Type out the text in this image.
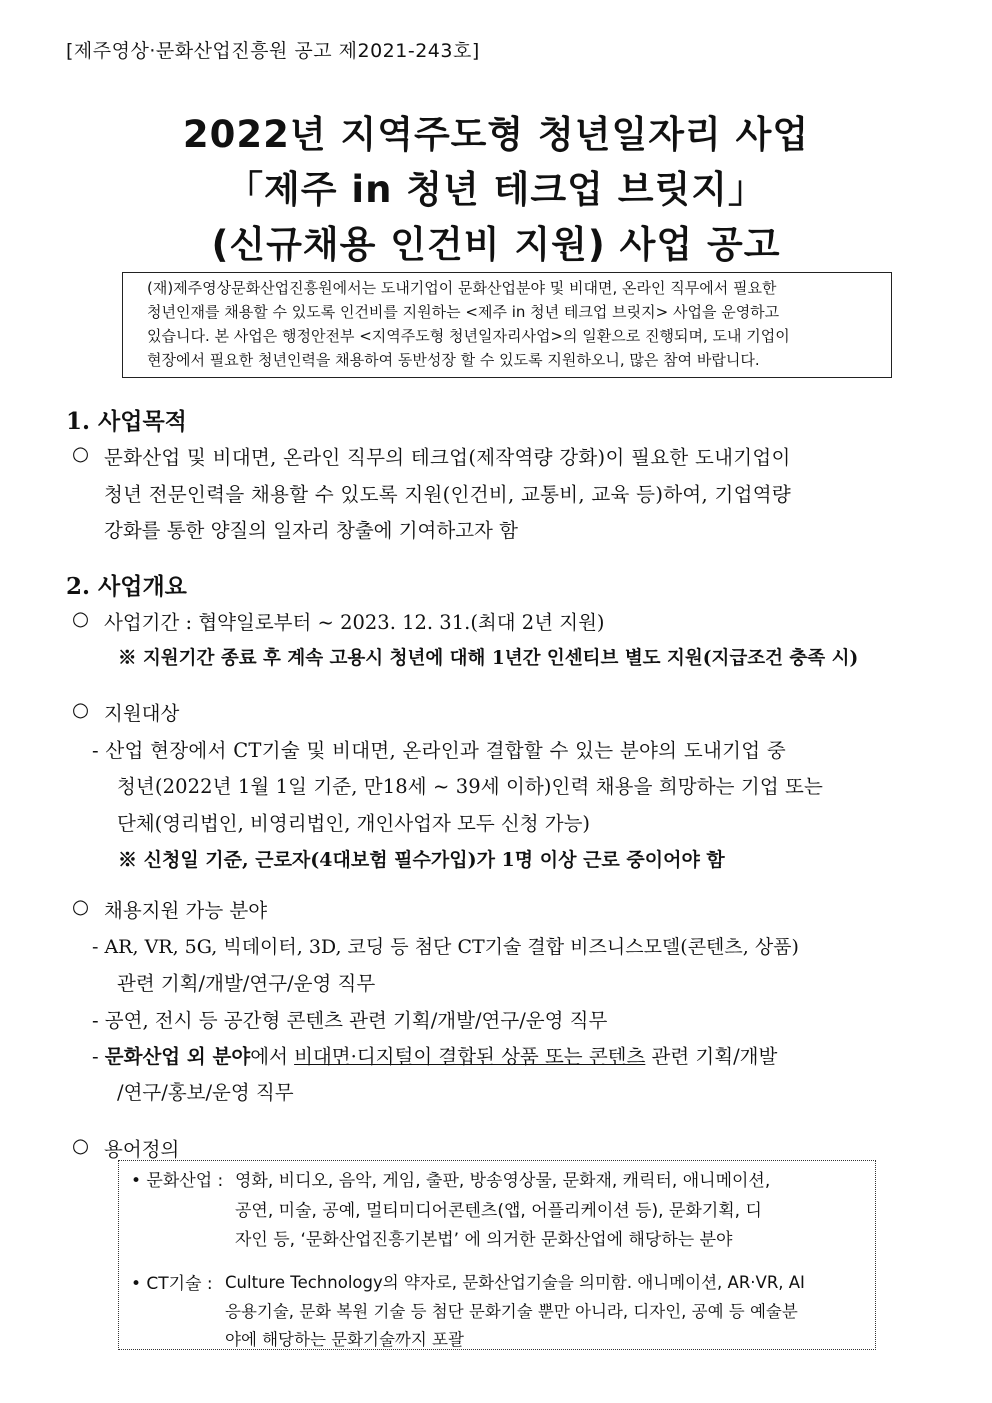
[제주영상·문화산업진흥원 공고 제2021-243호]
2022년 지역주도형 청년일자리 사업
「제주 in 청년 테크업 브릿지」
(신규채용 인건비 지원) 사업 공고
(재)제주영상문화산업진흥원에서는 도내기업이 문화산업분야 및 비대면, 온라인 직무에서 필요한
청년인재를 채용할 수 있도록 인건비를 지원하는 <제주 in 청년 테크업 브릿지> 사업을 운영하고
있습니다. 본 사업은 행정안전부 <지역주도형 청년일자리사업>의 일환으로 진행되며, 도내 기업이
현장에서 필요한 청년인력을 채용하여 동반성장 할 수 있도록 지원하오니, 많은 참여 바랍니다.
1. 사업목적
○ 문화산업 및 비대면, 온라인 직무의 테크업(제작역량 강화)이 필요한 도내기업이
청년 전문인력을 채용할 수 있도록 지원(인건비, 교통비, 교육 등)하여, 기업역량
강화를 통한 양질의 일자리 창출에 기여하고자 함
2. 사업개요
○ 사업기간 : 협약일로부터 ~ 2023. 12. 31.(최대 2년 지원)
※ 지원기간 종료 후 계속 고용시 청년에 대해 1년간 인센티브 별도 지원(지급조건 충족 시)
○ 지원대상
- 산업 현장에서 CT기술 및 비대면, 온라인과 결합할 수 있는 분야의 도내기업 중
청년(2022년 1월 1일 기준, 만18세 ~ 39세 이하)인력 채용을 희망하는 기업 또는
단체(영리법인, 비영리법인, 개인사업자 모두 신청 가능)
※ 신청일 기준, 근로자(4대보험 필수가입)가 1명 이상 근로 중이어야 함
○ 채용지원 가능 분야
- AR, VR, 5G, 빅데이터, 3D, 코딩 등 첨단 CT기술 결합 비즈니스모델(콘텐츠, 상품)
관련 기획/개발/연구/운영 직무
- 공연, 전시 등 공간형 콘텐츠 관련 기획/개발/연구/운영 직무
- 문화산업 외 분야에서 비대면·디지털이 결합된 상품 또는 콘텐츠 관련 기획/개발
/연구/홍보/운영 직무
○ 용어정의
• 문화산업 : 영화, 비디오, 음악, 게임, 출판, 방송영상물, 문화재, 캐릭터, 애니메이션,
공연, 미술, 공예, 멀티미디어콘텐츠(앱, 어플리케이션 등), 문화기획, 디
자인 등, ‘문화산업진흥기본법’ 에 의거한 문화산업에 해당하는 분야
• CT기술 : Culture Technology의 약자로, 문화산업기술을 의미함. 애니메이션, AR·VR, AI
응용기술, 문화 복원 기술 등 첨단 문화기술 뿐만 아니라, 디자인, 공예 등 예술분
야에 해당하는 문화기술까지 포괄
